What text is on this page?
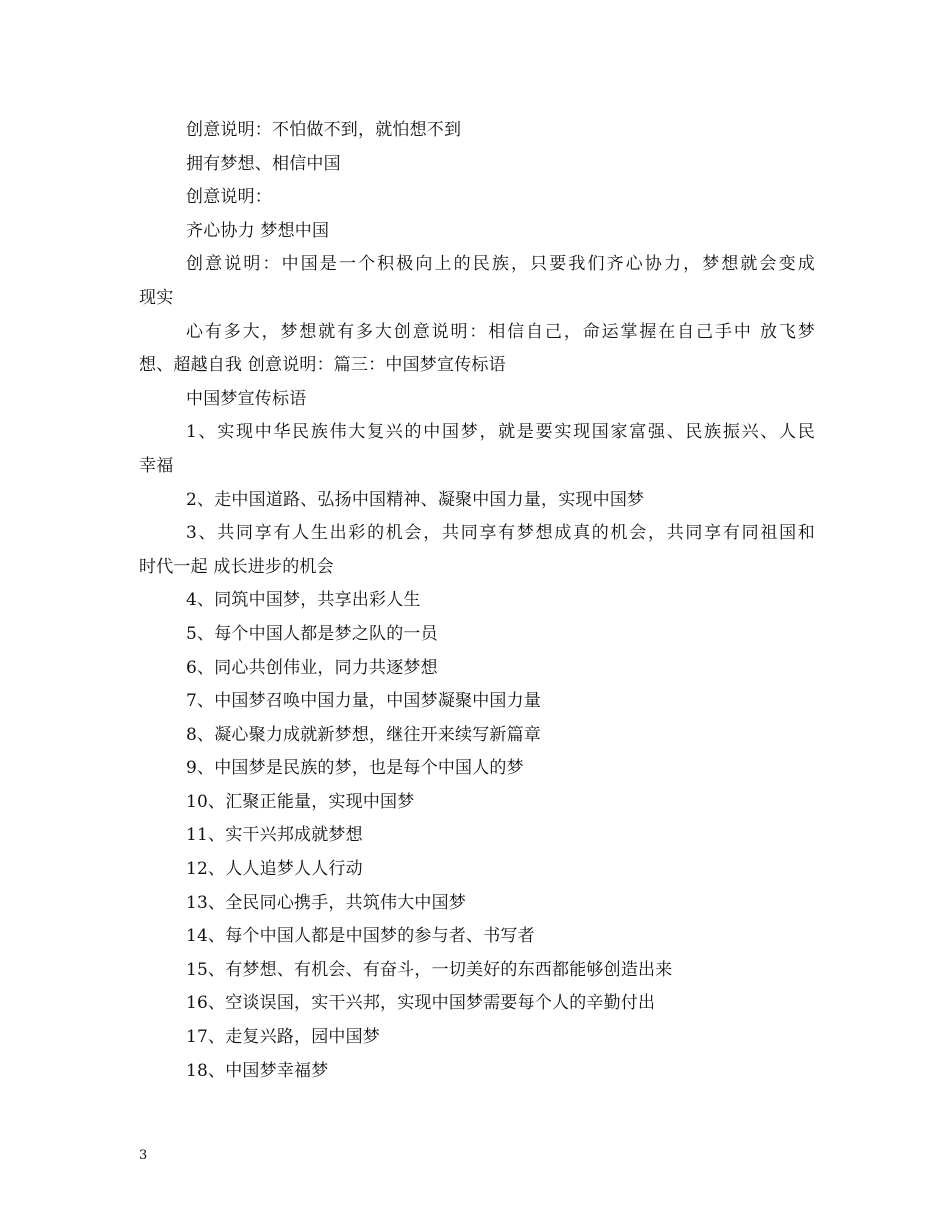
创意说明：不怕做不到，就怕想不到
拥有梦想、相信中国
创意说明：
齐心协力 梦想中国
创意说明：中国是一个积极向上的民族，只要我们齐心协力，梦想就会变成
现实
心有多大，梦想就有多大创意说明：相信自己，命运掌握在自己手中 放飞梦
想、超越自我 创意说明：篇三：中国梦宣传标语
中国梦宣传标语
1、实现中华民族伟大复兴的中国梦，就是要实现国家富强、民族振兴、人民
幸福
2、走中国道路、弘扬中国精神、凝聚中国力量，实现中国梦
3、共同享有人生出彩的机会，共同享有梦想成真的机会，共同享有同祖国和
时代一起 成长进步的机会
4、同筑中国梦，共享出彩人生
5、每个中国人都是梦之队的一员
6、同心共创伟业，同力共逐梦想
7、中国梦召唤中国力量，中国梦凝聚中国力量
8、凝心聚力成就新梦想，继往开来续写新篇章
9、中国梦是民族的梦，也是每个中国人的梦
10、汇聚正能量，实现中国梦
11、实干兴邦成就梦想
12、人人追梦人人行动
13、全民同心携手，共筑伟大中国梦
14、每个中国人都是中国梦的参与者、书写者
15、有梦想、有机会、有奋斗，一切美好的东西都能够创造出来
16、空谈误国，实干兴邦，实现中国梦需要每个人的辛勤付出
17、走复兴路，园中国梦
18、中国梦幸福梦
3
